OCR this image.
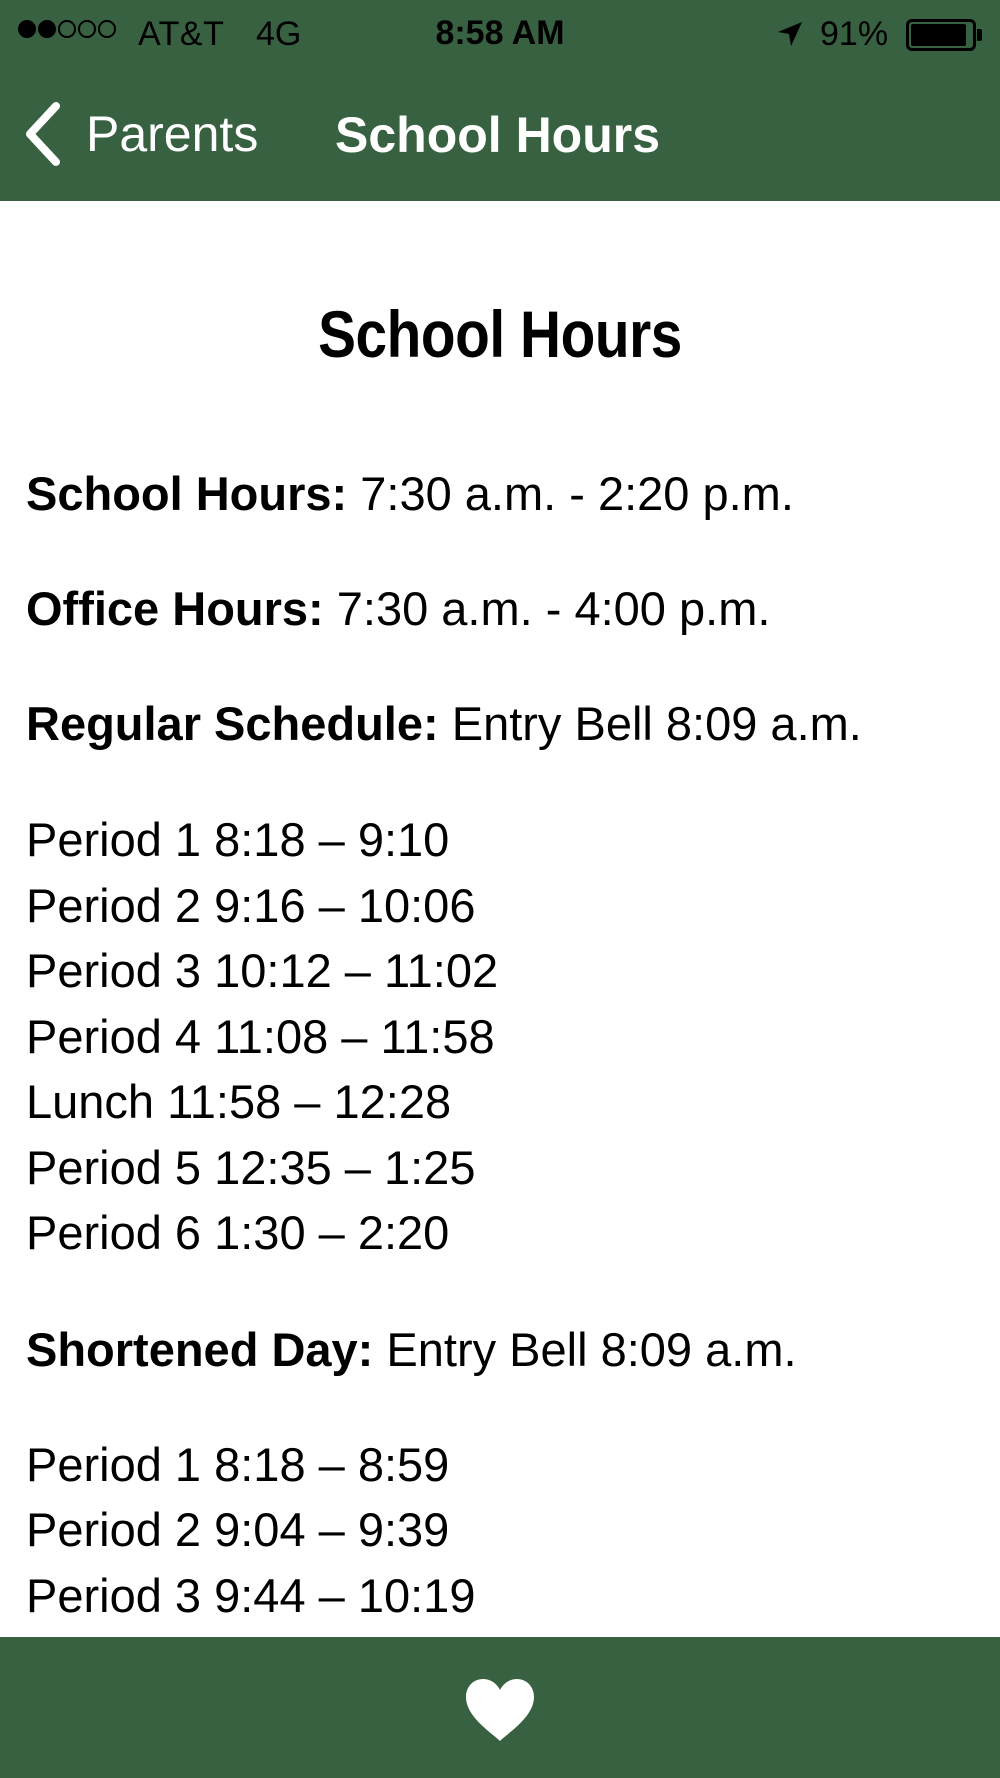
AT&T 4G	8:58 AM	91%
Parents School Hours
School Hours
School Hours: 7:30 a.m. - 2:20 p.m.
Office Hours: 7:30 a.m. - 4:00 p.m.
Regular Schedule: Entry Bell 8:09 a.m.
Period 1 8:18 – 9:10
Period 2 9:16 – 10:06
Period 3 10:12 – 11:02
Period 4 11:08 – 11:58
Lunch 11:58 – 12:28
Period 5 12:35 – 1:25
Period 6 1:30 – 2:20
Shortened Day: Entry Bell 8:09 a.m.
Period 1 8:18 – 8:59
Period 2 9:04 – 9:39
Period 3 9:44 – 10:19
